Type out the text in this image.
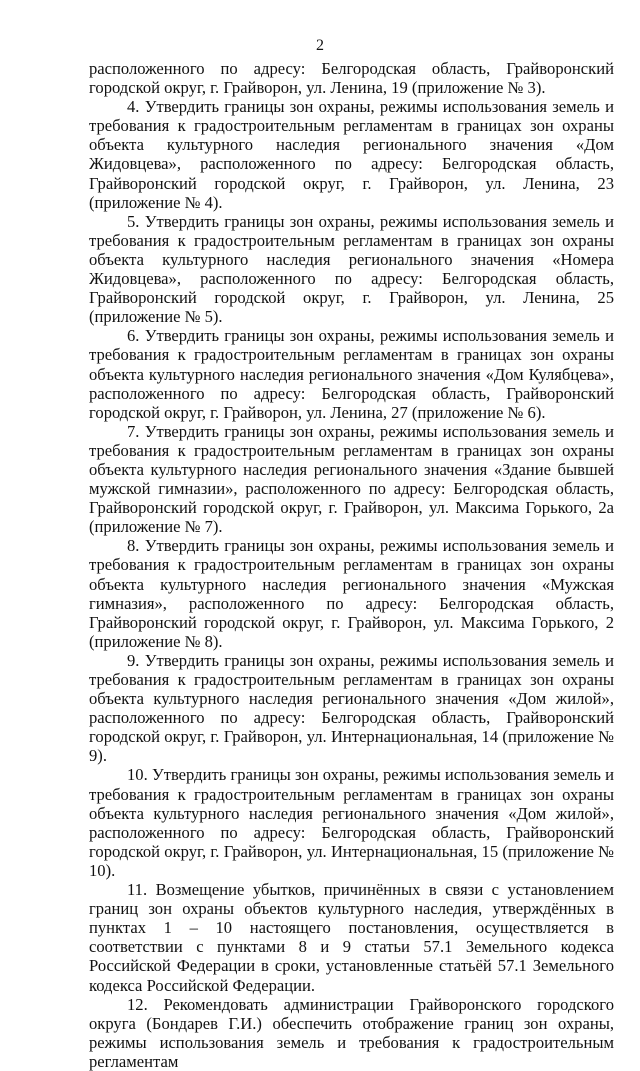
2

расположенного по адресу: Белгородская область, Грайворонский городской округ, г. Грайворон, ул. Ленина, 19 (приложение № 3).

4. Утвердить границы зон охраны, режимы использования земель и требования к градостроительным регламентам в границах зон охраны объекта культурного наследия регионального значения «Дом Жидовцева», расположенного по адресу: Белгородская область, Грайворонский городской округ, г. Грайворон, ул. Ленина, 23 (приложение № 4).

5. Утвердить границы зон охраны, режимы использования земель и требования к градостроительным регламентам в границах зон охраны объекта культурного наследия регионального значения «Номера Жидовцева», расположенного по адресу: Белгородская область, Грайворонский городской округ, г. Грайворон, ул. Ленина, 25 (приложение № 5).

6. Утвердить границы зон охраны, режимы использования земель и требования к градостроительным регламентам в границах зон охраны объекта культурного наследия регионального значения «Дом Кулябцева», расположенного по адресу: Белгородская область, Грайворонский городской округ, г. Грайворон, ул. Ленина, 27 (приложение № 6).

7. Утвердить границы зон охраны, режимы использования земель и требования к градостроительным регламентам в границах зон охраны объекта культурного наследия регионального значения «Здание бывшей мужской гимназии», расположенного по адресу: Белгородская область, Грайворонский городской округ, г. Грайворон, ул. Максима Горького, 2а (приложение № 7).

8. Утвердить границы зон охраны, режимы использования земель и требования к градостроительным регламентам в границах зон охраны объекта культурного наследия регионального значения «Мужская гимназия», расположенного по адресу: Белгородская область, Грайворонский городской округ, г. Грайворон, ул. Максима Горького, 2 (приложение № 8).

9. Утвердить границы зон охраны, режимы использования земель и требования к градостроительным регламентам в границах зон охраны объекта культурного наследия регионального значения «Дом жилой», расположенного по адресу: Белгородская область, Грайворонский городской округ, г. Грайворон, ул. Интернациональная, 14 (приложение № 9).

10. Утвердить границы зон охраны, режимы использования земель и требования к градостроительным регламентам в границах зон охраны объекта культурного наследия регионального значения «Дом жилой», расположенного по адресу: Белгородская область, Грайворонский городской округ, г. Грайворон, ул. Интернациональная, 15 (приложение № 10).

11. Возмещение убытков, причинённых в связи с установлением границ зон охраны объектов культурного наследия, утверждённых в пунктах 1 – 10 настоящего постановления, осуществляется в соответствии с пунктами 8 и 9 статьи 57.1 Земельного кодекса Российской Федерации в сроки, установленные статьёй 57.1 Земельного кодекса Российской Федерации.

12. Рекомендовать администрации Грайворонского городского округа (Бондарев Г.И.) обеспечить отображение границ зон охраны, режимы использования земель и требования к градостроительным регламентам
